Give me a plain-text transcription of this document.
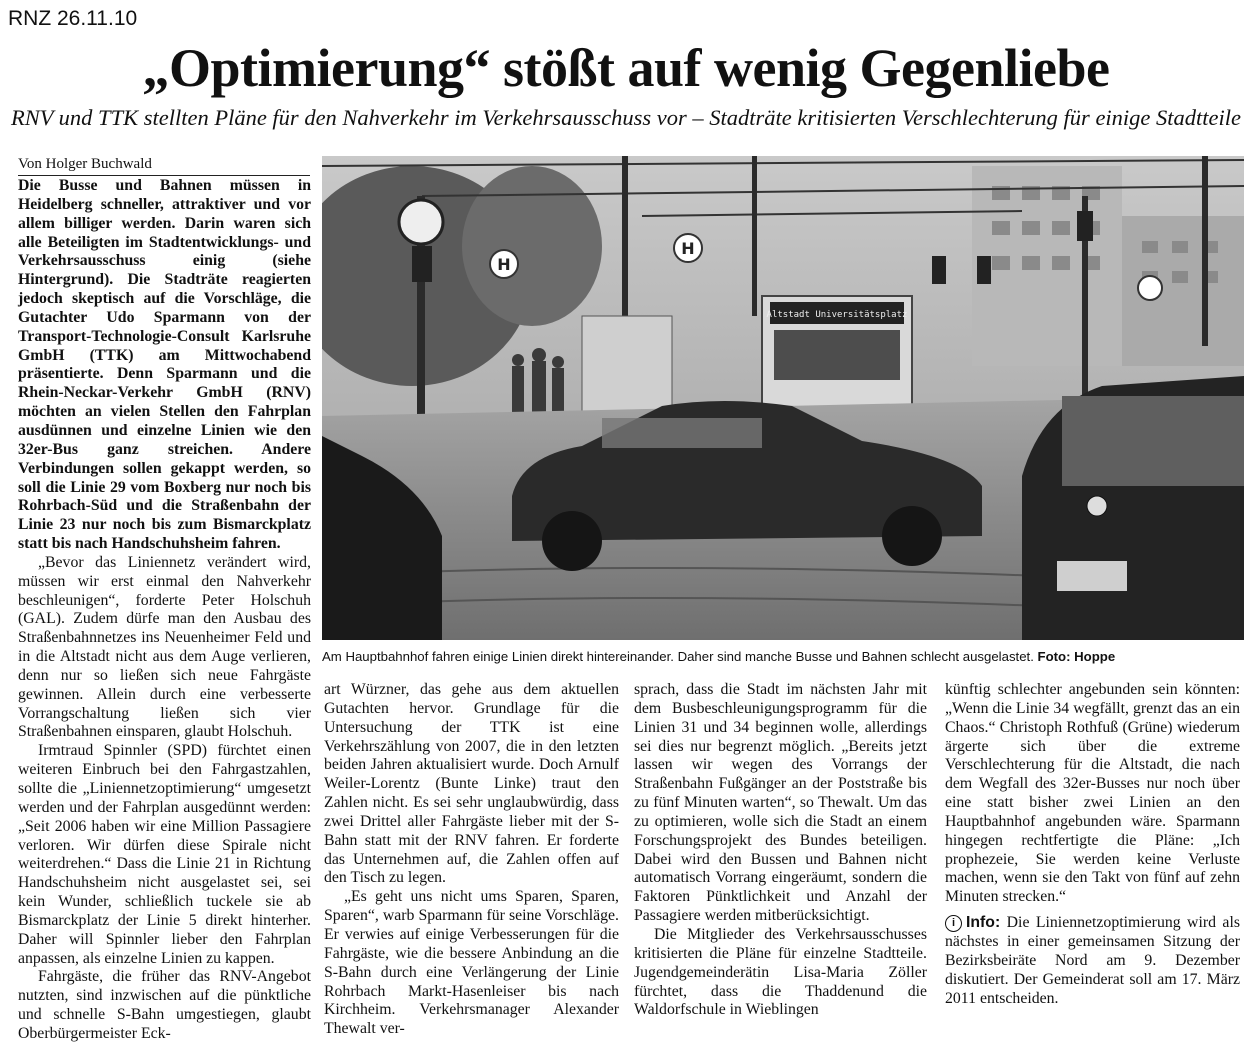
RNZ 26.11.10
„Optimierung“ stößt auf wenig Gegenliebe
RNV und TTK stellten Pläne für den Nahverkehr im Verkehrsausschuss vor – Stadträte kritisierten Verschlechterung für einige Stadtteile
Von Holger Buchwald

Die Busse und Bahnen müssen in Heidelberg schneller, attraktiver und vor allem billiger werden. Darin waren sich alle Beteiligten im Stadtentwicklungs- und Verkehrsausschuss einig (siehe Hintergrund). Die Stadträte reagierten jedoch skeptisch auf die Vorschläge, die Gutachter Udo Sparmann von der Transport-Technologie-Consult Karlsruhe GmbH (TTK) am Mittwochabend präsentierte. Denn Sparmann und die Rhein-Neckar-Verkehr GmbH (RNV) möchten an vielen Stellen den Fahrplan ausdünnen und einzelne Linien wie den 32er-Bus ganz streichen. Andere Verbindungen sollen gekappt werden, so soll die Linie 29 vom Boxberg nur noch bis Rohrbach-Süd und die Straßenbahn der Linie 23 nur noch bis zum Bismarckplatz statt bis nach Handschuhsheim fahren.

„Bevor das Liniennetz verändert wird, müssen wir erst einmal den Nahverkehr beschleunigen“, forderte Peter Holschuh (GAL). Zudem dürfe man den Ausbau des Straßenbahnnetzes ins Neuenheimer Feld und in die Altstadt nicht aus dem Auge verlieren, denn nur so ließen sich neue Fahrgäste gewinnen. Allein durch eine verbesserte Vorrangschaltung ließen sich vier Straßenbahnen einsparen, glaubt Holschuh.

Irmtraud Spinnler (SPD) fürchtet einen weiteren Einbruch bei den Fahrgastzahlen, sollte die „Liniennetzoptimierung“ umgesetzt werden und der Fahrplan ausgedünnt werden: „Seit 2006 haben wir eine Million Passagiere verloren. Wir dürfen diese Spirale nicht weiterdrehen.“ Dass die Linie 21 in Richtung Handschuhsheim nicht ausgelastet sei, sei kein Wunder, schließlich tuckele sie ab Bismarckplatz der Linie 5 direkt hinterher. Daher will Spinnler lieber den Fahrplan anpassen, als einzelne Linien zu kappen.

Fahrgäste, die früher das RNV-Angebot nutzten, sind inzwischen auf die pünktliche und schnelle S-Bahn umgestiegen, glaubt Oberbürgermeister Eck-

H
H
Altstadt Universitätsplatz
Am Hauptbahnhof fahren einige Linien direkt hintereinander. Daher sind manche Busse und Bahnen schlecht ausgelastet. Foto: Hoppe

art Würzner, das gehe aus dem aktuellen Gutachten hervor. Grundlage für die Untersuchung der TTK ist eine Verkehrszählung von 2007, die in den letzten beiden Jahren aktualisiert wurde. Doch Arnulf Weiler-Lorentz (Bunte Linke) traut den Zahlen nicht. Es sei sehr unglaubwürdig, dass zwei Drittel aller Fahrgäste lieber mit der S-Bahn statt mit der RNV fahren. Er forderte das Unternehmen auf, die Zahlen offen auf den Tisch zu legen.

„Es geht uns nicht ums Sparen, Sparen, Sparen“, warb Sparmann für seine Vorschläge. Er verwies auf einige Verbesserungen für die Fahrgäste, wie die bessere Anbindung an die S-Bahn durch eine Verlängerung der Linie Rohrbach Markt-Hasenleiser bis nach Kirchheim. Verkehrsmanager Alexander Thewalt ver-

sprach, dass die Stadt im nächsten Jahr mit dem Busbeschleunigungsprogramm für die Linien 31 und 34 beginnen wolle, allerdings sei dies nur begrenzt möglich. „Bereits jetzt lassen wir wegen des Vorrangs der Straßenbahn Fußgänger an der Poststraße bis zu fünf Minuten warten“, so Thewalt. Um das zu optimieren, wolle sich die Stadt an einem Forschungsprojekt des Bundes beteiligen. Dabei wird den Bussen und Bahnen nicht automatisch Vorrang eingeräumt, sondern die Faktoren Pünktlichkeit und Anzahl der Passagiere werden mitberücksichtigt.

Die Mitglieder des Verkehrsausschusses kritisierten die Pläne für einzelne Stadtteile. Jugendgemeinderätin Lisa-Maria Zöller fürchtet, dass die Thaddenund die Waldorfschule in Wieblingen

künftig schlechter angebunden sein könnten: „Wenn die Linie 34 wegfällt, grenzt das an ein Chaos.“ Christoph Rothfuß (Grüne) wiederum ärgerte sich über die extreme Verschlechterung für die Altstadt, die nach dem Wegfall des 32er-Busses nur noch über eine statt bisher zwei Linien an den Hauptbahnhof angebunden wäre. Sparmann hingegen rechtfertigte die Pläne: „Ich prophezeie, Sie werden keine Verluste machen, wenn sie den Takt von fünf auf zehn Minuten strecken.“

i Info: Die Liniennetzoptimierung wird als nächstes in einer gemeinsamen Sitzung der Bezirksbeiräte Nord am 9. Dezember diskutiert. Der Gemeinderat soll am 17. März 2011 entscheiden.
